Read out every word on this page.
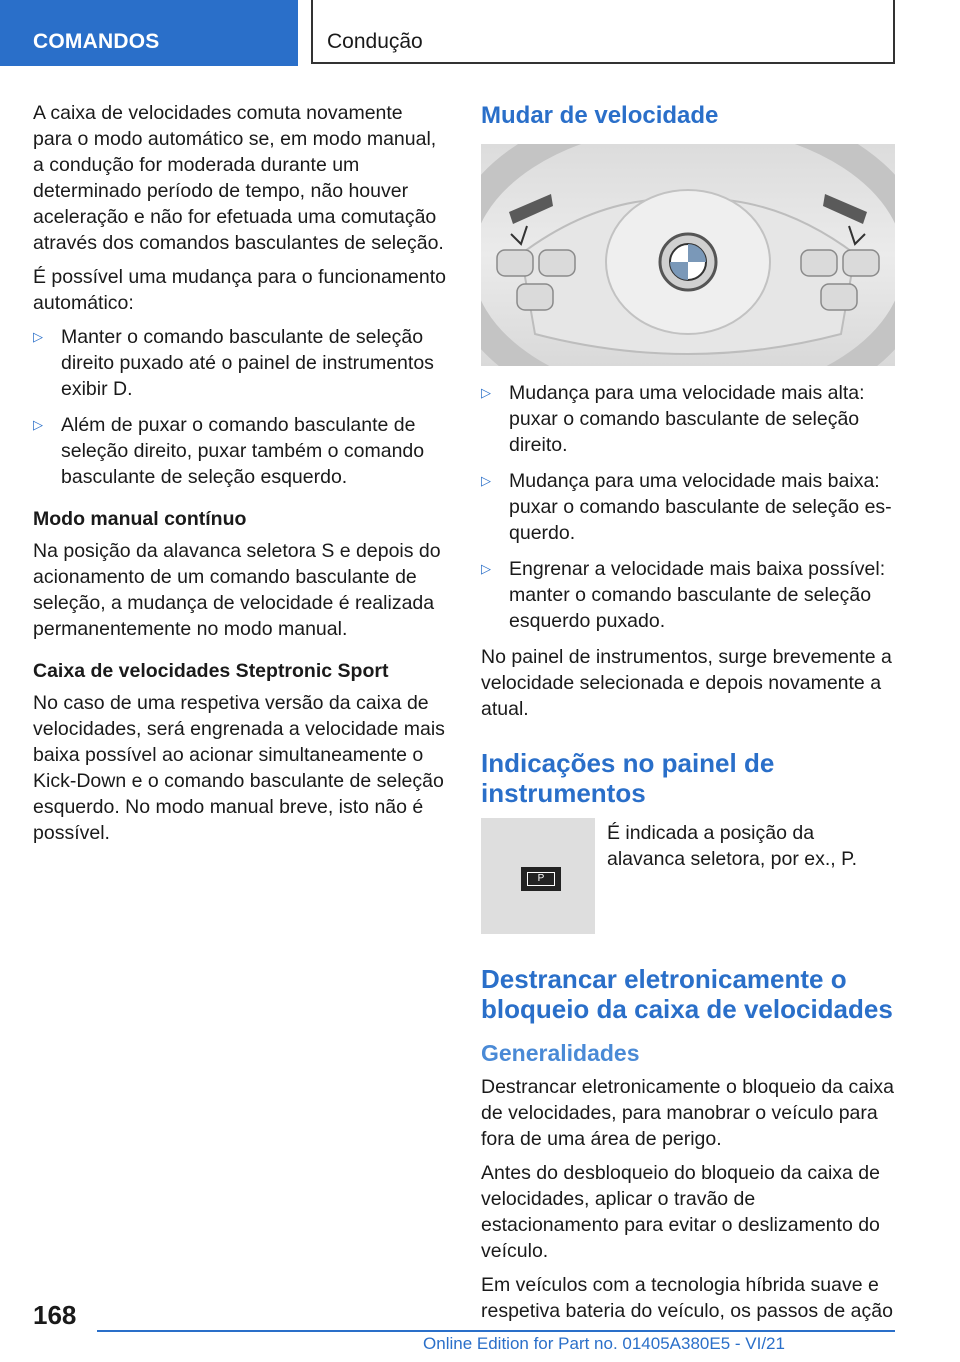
COMANDOS	Condução

A caixa de velocidades comuta novamente para o modo automático se, em modo manual, a condução for moderada durante um determinado período de tempo, não houver aceleração e não for efetuada uma comutação através dos comandos basculantes de seleção.

É possível uma mudança para o funcionamento automático:

▷ Manter o comando basculante de seleção direito puxado até o painel de instrumentos exibir D.
▷ Além de puxar o comando basculante de seleção direito, puxar também o comando basculante de seleção esquerdo.
Modo manual contínuo

Na posição da alavanca seletora S e depois do acionamento de um comando basculante de seleção, a mudança de velocidade é realizada permanentemente no modo manual.

Caixa de velocidades Steptronic Sport

No caso de uma respetiva versão da caixa de velocidades, será engrenada a velocidade mais baixa possível ao acionar simultaneamente o Kick-Down e o comando basculante de seleção esquerdo. No modo manual breve, isto não é possível.

Mudar de velocidade
▷ Mudança para uma velocidade mais alta: puxar o comando basculante de seleção direito.
▷ Mudança para uma velocidade mais baixa: puxar o comando basculante de seleção esquerdo.
▷ Engrenar a velocidade mais baixa possível: manter o comando basculante de seleção esquerdo puxado.

No painel de instrumentos, surge brevemente a velocidade selecionada e depois novamente a atual.

Indicações no painel de instrumentos
P
É indicada a posição da alavanca seletora, por ex., P.
Destrancar eletronicamente o bloqueio da caixa de velocidades
Generalidades

Destrancar eletronicamente o bloqueio da caixa de velocidades, para manobrar o veículo para fora de uma área de perigo.

Antes do desbloqueio do bloqueio da caixa de velocidades, aplicar o travão de estacionamento para evitar o deslizamento do veículo.

Em veículos com a tecnologia híbrida suave e respetiva bateria do veículo, os passos de ação

168
Online Edition for Part no. 01405A380E5 - VI/21
